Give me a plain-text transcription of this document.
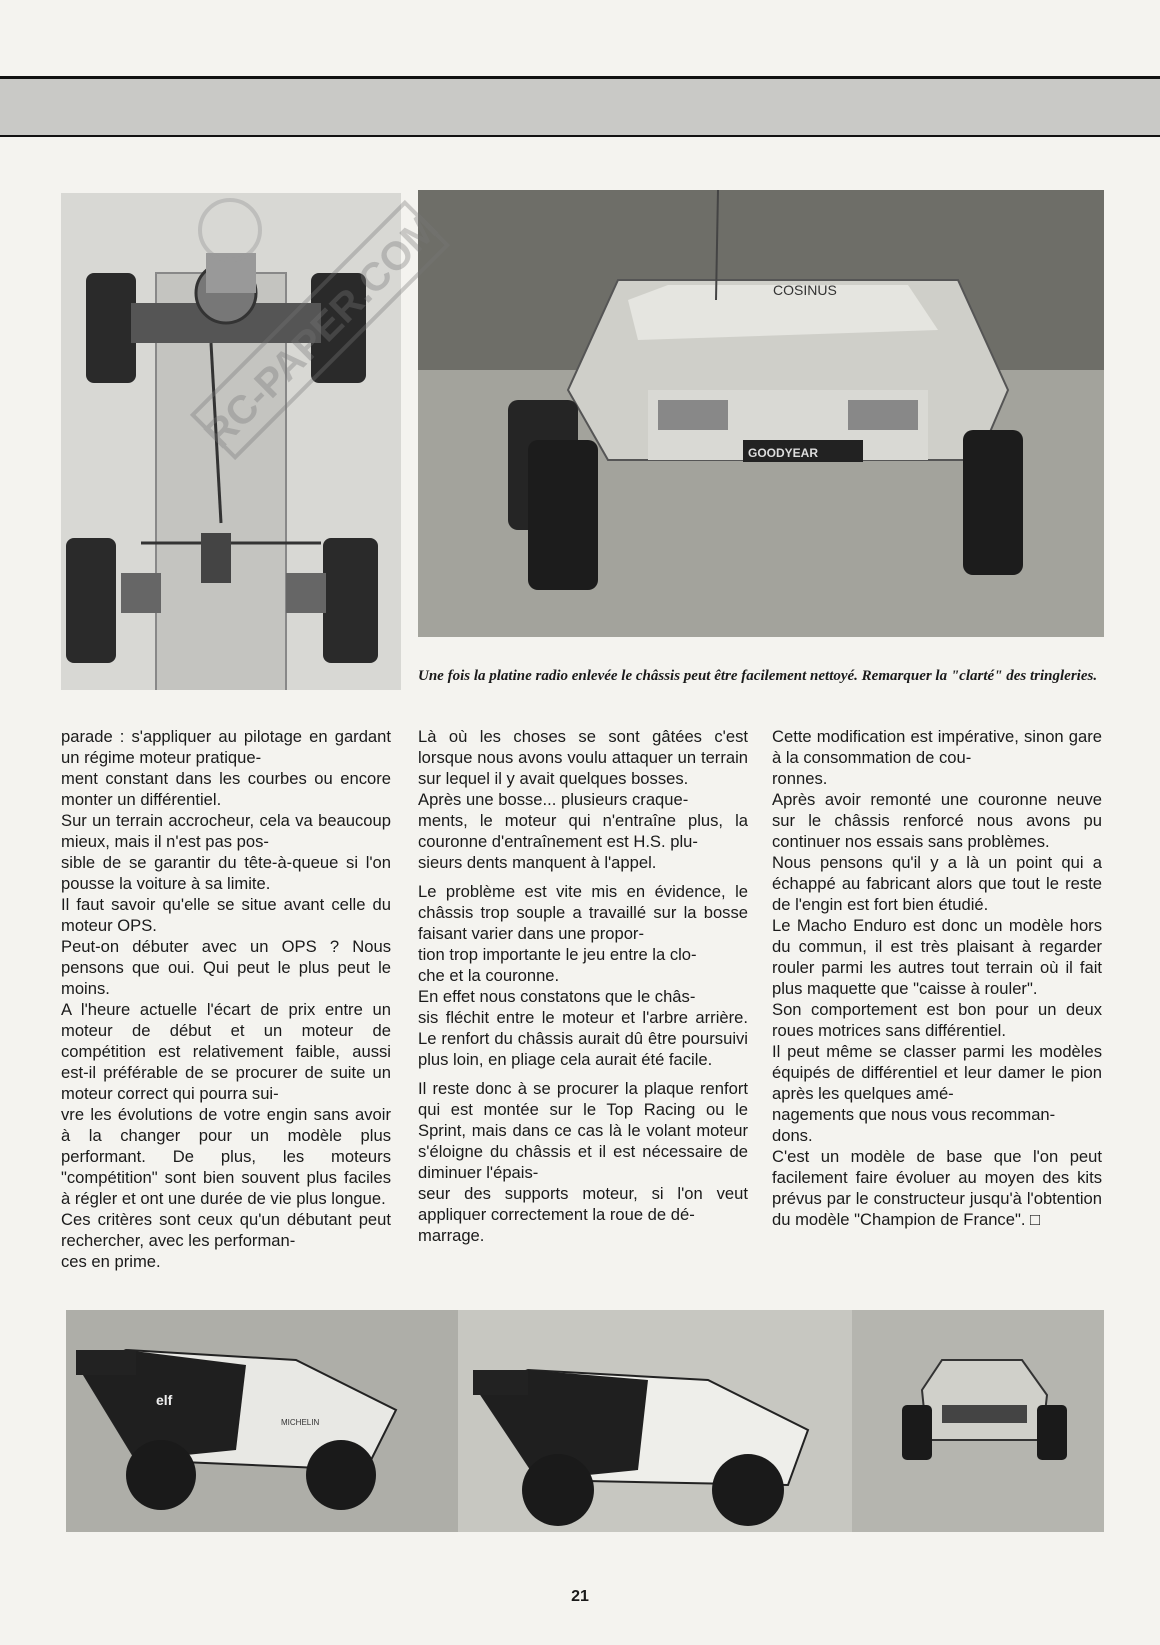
COSINUS
GOODYEAR
RC-PAPER.COM
Une fois la platine radio enlevée le châssis peut être facilement nettoyé. Remarquer la "clarté" des tringleries.

parade : s'appliquer au pilotage en gardant un régime moteur pratique-
ment constant dans les courbes ou encore monter un différentiel.
Sur un terrain accrocheur, cela va beaucoup mieux, mais il n'est pas pos-
sible de se garantir du tête-à-queue si l'on pousse la voiture à sa limite.
Il faut savoir qu'elle se situe avant celle du moteur OPS.
Peut-on débuter avec un OPS ? Nous pensons que oui. Qui peut le plus peut le moins.
A l'heure actuelle l'écart de prix entre un moteur de début et un moteur de compétition est relativement faible, aussi est-il préférable de se procurer de suite un moteur correct qui pourra sui-
vre les évolutions de votre engin sans avoir à la changer pour un modèle plus performant. De plus, les moteurs "compétition" sont bien souvent plus faciles à régler et ont une durée de vie plus longue.
Ces critères sont ceux qu'un débutant peut rechercher, avec les performan-
ces en prime.

Là où les choses se sont gâtées c'est lorsque nous avons voulu attaquer un terrain sur lequel il y avait quelques bosses.
Après une bosse... plusieurs craque-
ments, le moteur qui n'entraîne plus, la couronne d'entraînement est H.S. plu-
sieurs dents manquent à l'appel.

Le problème est vite mis en évidence, le châssis trop souple a travaillé sur la bosse faisant varier dans une propor-
tion trop importante le jeu entre la clo-
che et la couronne.
En effet nous constatons que le châs-
sis fléchit entre le moteur et l'arbre arrière. Le renfort du châssis aurait dû être poursuivi plus loin, en pliage cela aurait été facile.

Il reste donc à se procurer la plaque renfort qui est montée sur le Top Racing ou le Sprint, mais dans ce cas là le volant moteur s'éloigne du châssis et il est nécessaire de diminuer l'épais-
seur des supports moteur, si l'on veut appliquer correctement la roue de dé-
marrage.

Cette modification est impérative, sinon gare à la consommation de cou-
ronnes.
Après avoir remonté une couronne neuve sur le châssis renforcé nous avons pu continuer nos essais sans problèmes.
Nous pensons qu'il y a là un point qui a échappé au fabricant alors que tout le reste de l'engin est fort bien étudié.
Le Macho Enduro est donc un modèle hors du commun, il est très plaisant à regarder rouler parmi les autres tout terrain où il fait plus maquette que "caisse à rouler".
Son comportement est bon pour un deux roues motrices sans différentiel.
Il peut même se classer parmi les modèles équipés de différentiel et leur damer le pion après les quelques amé-
nagements que nous vous recomman-
dons.
C'est un modèle de base que l'on peut facilement faire évoluer au moyen des kits prévus par le constructeur jusqu'à l'obtention du modèle "Champion de France". □

elf
MICHELIN
21
